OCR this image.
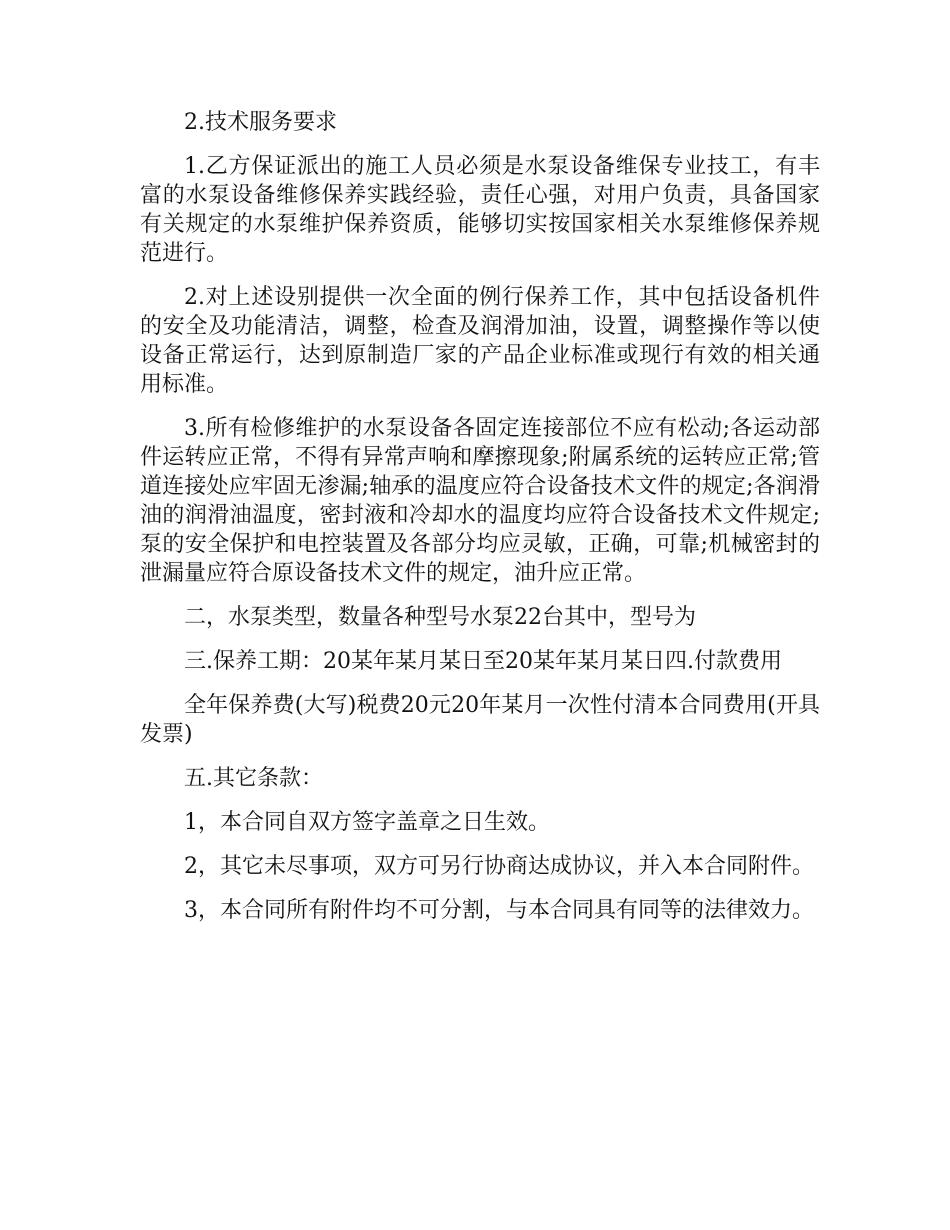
2.技术服务要求

1.乙方保证派出的施工人员必须是水泵设备维保专业技工，有丰富的水泵设备维修保养实践经验，责任心强，对用户负责，具备国家有关规定的水泵维护保养资质，能够切实按国家相关水泵维修保养规范进行。

2.对上述设别提供一次全面的例行保养工作，其中包括设备机件的安全及功能清洁，调整，检查及润滑加油，设置，调整操作等以使设备正常运行，达到原制造厂家的产品企业标准或现行有效的相关通用标准。

3.所有检修维护的水泵设备各固定连接部位不应有松动;各运动部件运转应正常，不得有异常声响和摩擦现象;附属系统的运转应正常;管道连接处应牢固无渗漏;轴承的温度应符合设备技术文件的规定;各润滑油的润滑油温度，密封液和冷却水的温度均应符合设备技术文件规定;泵的安全保护和电控装置及各部分均应灵敏，正确，可靠;机械密封的泄漏量应符合原设备技术文件的规定，油升应正常。

二，水泵类型，数量各种型号水泵22台其中，型号为

三.保养工期：20某年某月某日至20某年某月某日四.付款费用

全年保养费(大写)税费20元20年某月一次性付清本合同费用(开具发票)

五.其它条款：

1，本合同自双方签字盖章之日生效。

2，其它未尽事项，双方可另行协商达成协议，并入本合同附件。

3，本合同所有附件均不可分割，与本合同具有同等的法律效力。
